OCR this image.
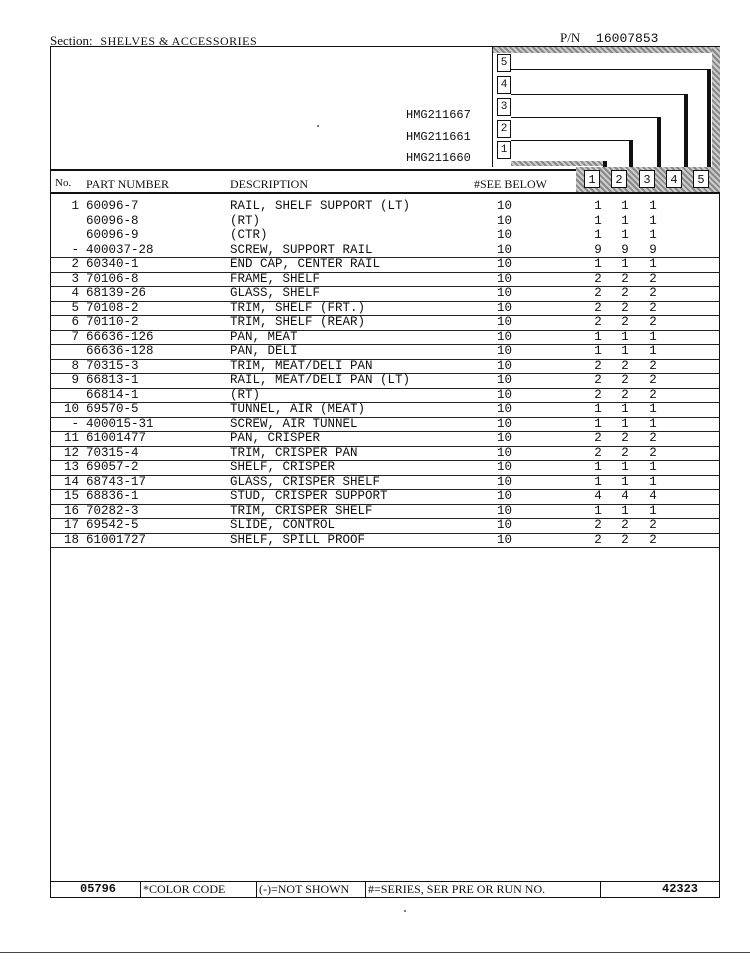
Section: SHELVES & ACCESSORIES	P/N 16007853
5
4
3
2
1
1	2	3	4	5
HMG211667
HMG211661
HMG211660
No. PART NUMBER	DESCRIPTION	#SEE BELOW
1 60096-7	RAIL, SHELF SUPPORT (LT)	10	1 1 1
60096-8	(RT)	10	1 1 1
60096-9	(CTR)	10	1 1 1
- 400037-28	SCREW, SUPPORT RAIL	10	9 9 9
2 60340-1	END CAP, CENTER RAIL	10	1 1 1
3 70106-8	FRAME, SHELF	10	2 2 2
4 68139-26	GLASS, SHELF	10	2 2 2
5 70108-2	TRIM, SHELF (FRT.)	10	2 2 2
6 70110-2	TRIM, SHELF (REAR)	10	2 2 2
7 66636-126	PAN, MEAT	10	1 1 1
66636-128	PAN, DELI	10	1 1 1
8 70315-3	TRIM, MEAT/DELI PAN	10	2 2 2
9 66813-1	RAIL, MEAT/DELI PAN (LT)	10	2 2 2
66814-1	(RT)	10	2 2 2
10 69570-5	TUNNEL, AIR (MEAT)	10	1 1 1
- 400015-31	SCREW, AIR TUNNEL	10	1 1 1
11 61001477	PAN, CRISPER	10	2 2 2
12 70315-4	TRIM, CRISPER PAN	10	2 2 2
13 69057-2	SHELF, CRISPER	10	1 1 1
14 68743-17	GLASS, CRISPER SHELF	10	1 1 1
15 68836-1	STUD, CRISPER SUPPORT	10	4 4 4
16 70282-3	TRIM, CRISPER SHELF	10	1 1 1
17 69542-5	SLIDE, CONTROL	10	2 2 2
18 61001727	SHELF, SPILL PROOF	10	2 2 2
05796 *COLOR CODE	(-)=NOT SHOWN #=SERIES, SER PRE OR RUN NO.	42323
